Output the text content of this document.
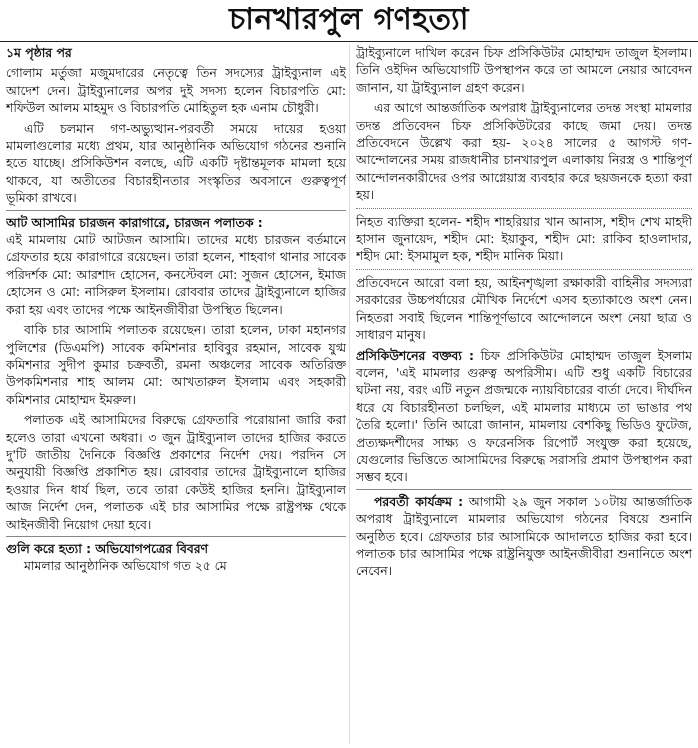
চানখারপুল গণহত্যা

১ম পৃষ্ঠার পর

গোলাম মর্তুজা মজুমদারের নেতৃত্বে তিন সদস্যের ট্রাইব্যুনাল এই আদেশ দেন। ট্রাইব্যুনালের অপর দুই সদস্য হলেন বিচারপতি মো: শফিউল আলম মাহমুদ ও বিচারপতি মোহিতুল হক এনাম চৌধুরী।

এটি চলমান গণ-অভ্যুত্থান-পরবর্তী সময়ে দায়ের হওয়া মামলাগুলোর মধ্যে প্রথম, যার আনুষ্ঠানিক অভিযোগ গঠনের শুনানি হতে যাচ্ছে। প্রসিকিউশন বলছে, এটি একটি দৃষ্টান্তমূলক মামলা হয়ে থাকবে, যা অতীতের বিচারহীনতার সংস্কৃতির অবসানে গুরুত্বপূর্ণ ভূমিকা রাখবে।

আট আসামির চারজন কারাগারে, চারজন পলাতক :

এই মামলায় মোট আটজন আসামি। তাদের মধ্যে চারজন বর্তমানে গ্রেফতার হয়ে কারাগারে রয়েছেন। তারা হলেন, শাহবাগ থানার সাবেক পরিদর্শক মো: আরশাদ হোসেন, কনস্টেবল মো: সুজন হোসেন, ইমাজ হোসেন ও মো: নাসিরুল ইসলাম। রোববার তাদের ট্রাইব্যুনালে হাজির করা হয় এবং তাদের পক্ষে আইনজীবীরা উপস্থিত ছিলেন।

বাকি চার আসামি পলাতক রয়েছেন। তারা হলেন, ঢাকা মহানগর পুলিশের (ডিএমপি) সাবেক কমিশনার হাবিবুর রহমান, সাবেক যুগ্ম কমিশনার সুদীপ কুমার চক্রবর্তী, রমনা অঞ্চলের সাবেক অতিরিক্ত উপকমিশনার শাহ আলম মো: আখতারুল ইসলাম এবং সহকারী কমিশনার মোহাম্মদ ইমরুল।

পলাতক এই আসামিদের বিরুদ্ধে গ্রেফতারি পরোয়ানা জারি করা হলেও তারা এখনো অধরা। ৩ জুন ট্রাইব্যুনাল তাদের হাজির করতে দু'টি জাতীয় দৈনিকে বিজ্ঞপ্তি প্রকাশের নির্দেশ দেয়। পরদিন সে অনুযায়ী বিজ্ঞপ্তি প্রকাশিত হয়। রোববার তাদের ট্রাইব্যুনালে হাজির হওয়ার দিন ধার্য ছিল, তবে তারা কেউই হাজির হননি। ট্রাইব্যুনাল আজ নির্দেশ দেন, পলাতক এই চার আসামির পক্ষে রাষ্ট্রপক্ষ থেকে আইনজীবী নিয়োগ দেয়া হবে।

গুলি করে হত্যা : অভিযোগপত্রের বিবরণ

মামলার আনুষ্ঠানিক অভিযোগ গত ২৫ মে

ট্রাইব্যুনালে দাখিল করেন চিফ প্রসিকিউটর মোহাম্মদ তাজুল ইসলাম। তিনি ওইদিন অভিযোগটি উপস্থাপন করে তা আমলে নেয়ার আবেদন জানান, যা ট্রাইব্যুনাল গ্রহণ করেন।

এর আগে আন্তর্জাতিক অপরাধ ট্রাইব্যুনালের তদন্ত সংস্থা মামলার তদন্ত প্রতিবেদন চিফ প্রসিকিউটরের কাছে জমা দেয়। তদন্ত প্রতিবেদনে উল্লেখ করা হয়- ২০২৪ সালের ৫ আগস্ট গণ-আন্দোলনের সময় রাজধানীর চানখারপুল এলাকায় নিরস্ত্র ও শান্তিপূর্ণ আন্দোলনকারীদের ওপর আগ্নেয়াস্ত্র ব্যবহার করে ছয়জনকে হত্যা করা হয়।

নিহত ব্যক্তিরা হলেন- শহীদ শাহরিয়ার খান আনাস, শহীদ শেখ মাহদী হাসান জুনায়েদ, শহীদ মো: ইয়াকুব, শহীদ মো: রাকিব হাওলাদার, শহীদ মো: ইসমামুল হক, শহীদ মানিক মিয়া।

প্রতিবেদনে আরো বলা হয়, আইনশৃঙ্খলা রক্ষাকারী বাহিনীর সদস্যরা সরকারের উচ্চপর্যায়ের মৌখিক নির্দেশে এসব হত্যাকাণ্ডে অংশ নেন। নিহতরা সবাই ছিলেন শান্তিপূর্ণভাবে আন্দোলনে অংশ নেয়া ছাত্র ও সাধারণ মানুষ।

প্রসিকিউশনের বক্তব্য : চিফ প্রসিকিউটর মোহাম্মদ তাজুল ইসলাম বলেন, 'এই মামলার গুরুত্ব অপরিসীম। এটি শুধু একটি বিচারের ঘটনা নয়, বরং এটি নতুন প্রজন্মকে ন্যায়বিচারের বার্তা দেবে। দীর্ঘদিন ধরে যে বিচারহীনতা চলছিল, এই মামলার মাধ্যমে তা ভাঙার পথ তৈরি হলো।' তিনি আরো জানান, মামলায় বেশকিছু ভিডিও ফুটেজ, প্রত্যক্ষদর্শীদের সাক্ষ্য ও ফরেনসিক রিপোর্ট সংযুক্ত করা হয়েছে, যেগুলোর ভিত্তিতে আসামিদের বিরুদ্ধে সরাসরি প্রমাণ উপস্থাপন করা সম্ভব হবে।

পরবর্তী কার্যক্রম : আগামী ২৯ জুন সকাল ১০টায় আন্তর্জাতিক অপরাধ ট্রাইব্যুনালে মামলার অভিযোগ গঠনের বিষয়ে শুনানি অনুষ্ঠিত হবে। গ্রেফতার চার আসামিকে আদালতে হাজির করা হবে। পলাতক চার আসামির পক্ষে রাষ্ট্রনিযুক্ত আইনজীবীরা শুনানিতে অংশ নেবেন।
